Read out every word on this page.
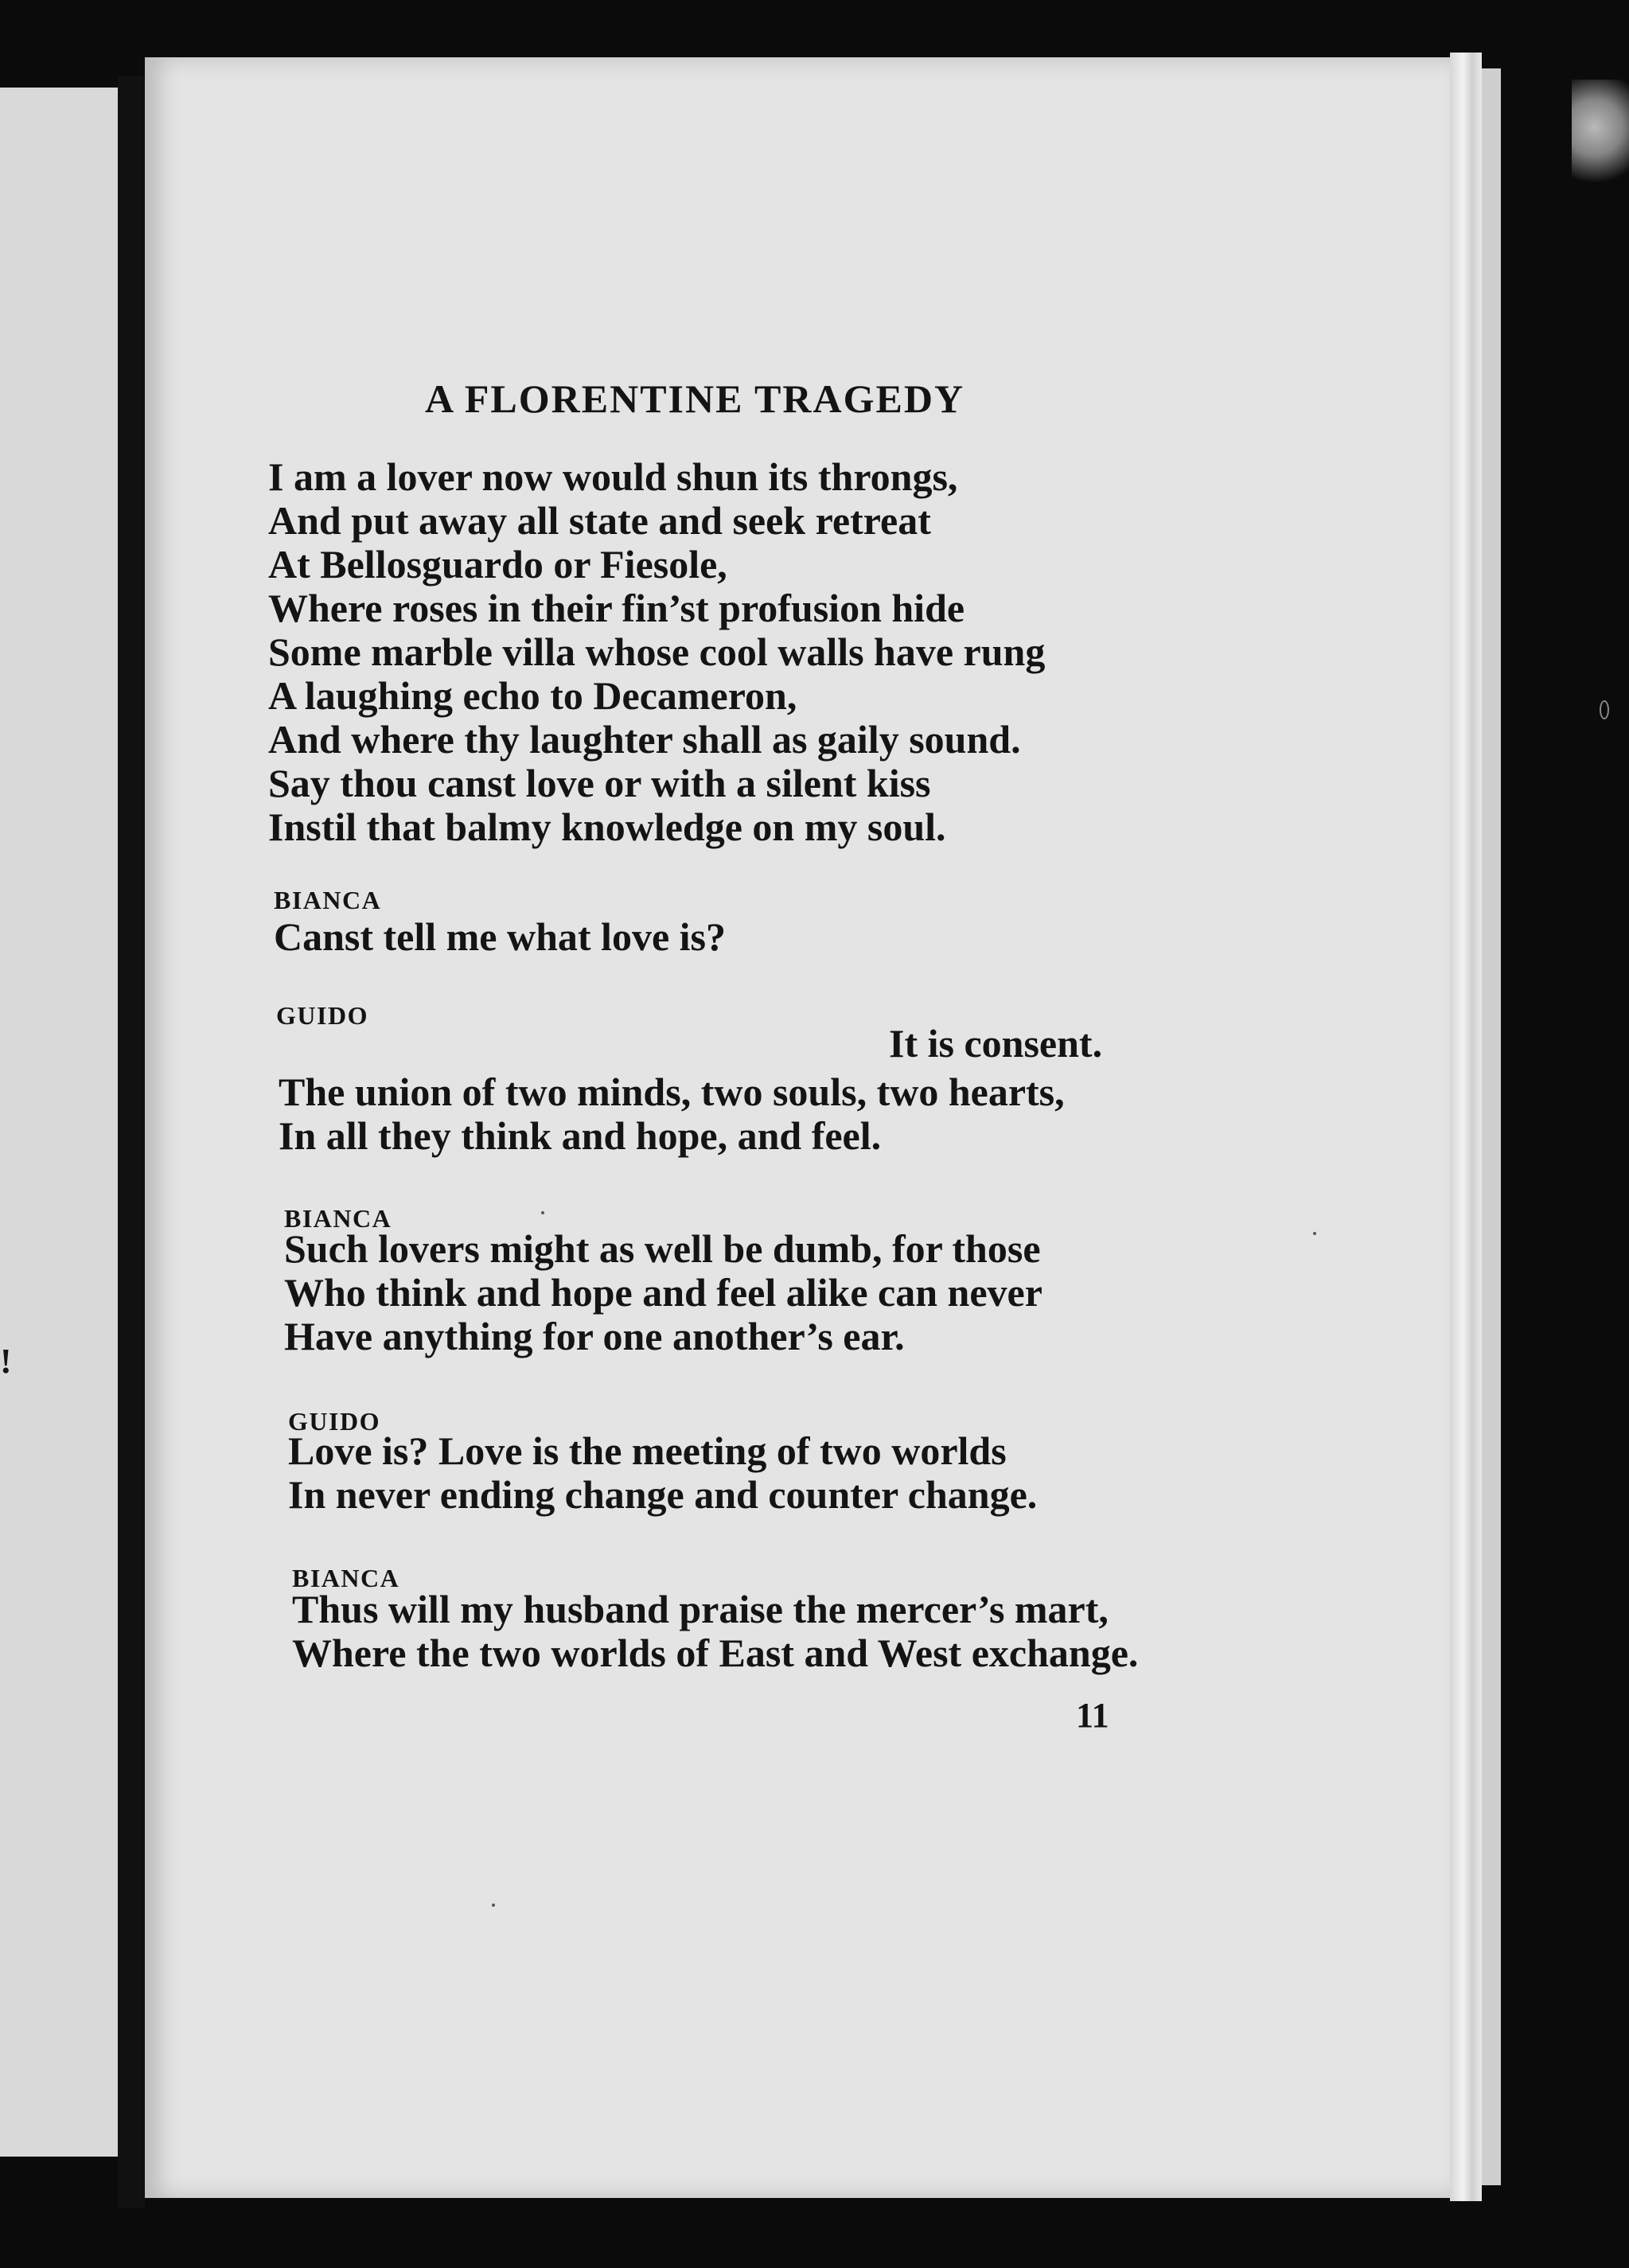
!
A FLORENTINE TRAGEDY
I am a lover now would shun its throngs,
And put away all state and seek retreat
At Bellosguardo or Fiesole,
Where roses in their fin’st profusion hide
Some marble villa whose cool walls have rung
A laughing echo to Decameron,
And where thy laughter shall as gaily sound.
Say thou canst love or with a silent kiss
Instil that balmy knowledge on my soul.
BIANCA
Canst tell me what love is?
GUIDO
It is consent.
The union of two minds, two souls, two hearts,
In all they think and hope, and feel.
BIANCA
Such lovers might as well be dumb, for those
Who think and hope and feel alike can never
Have anything for one another’s ear.
GUIDO
Love is? Love is the meeting of two worlds
In never ending change and counter change.
BIANCA
Thus will my husband praise the mercer’s mart,
Where the two worlds of East and West exchange.
11
